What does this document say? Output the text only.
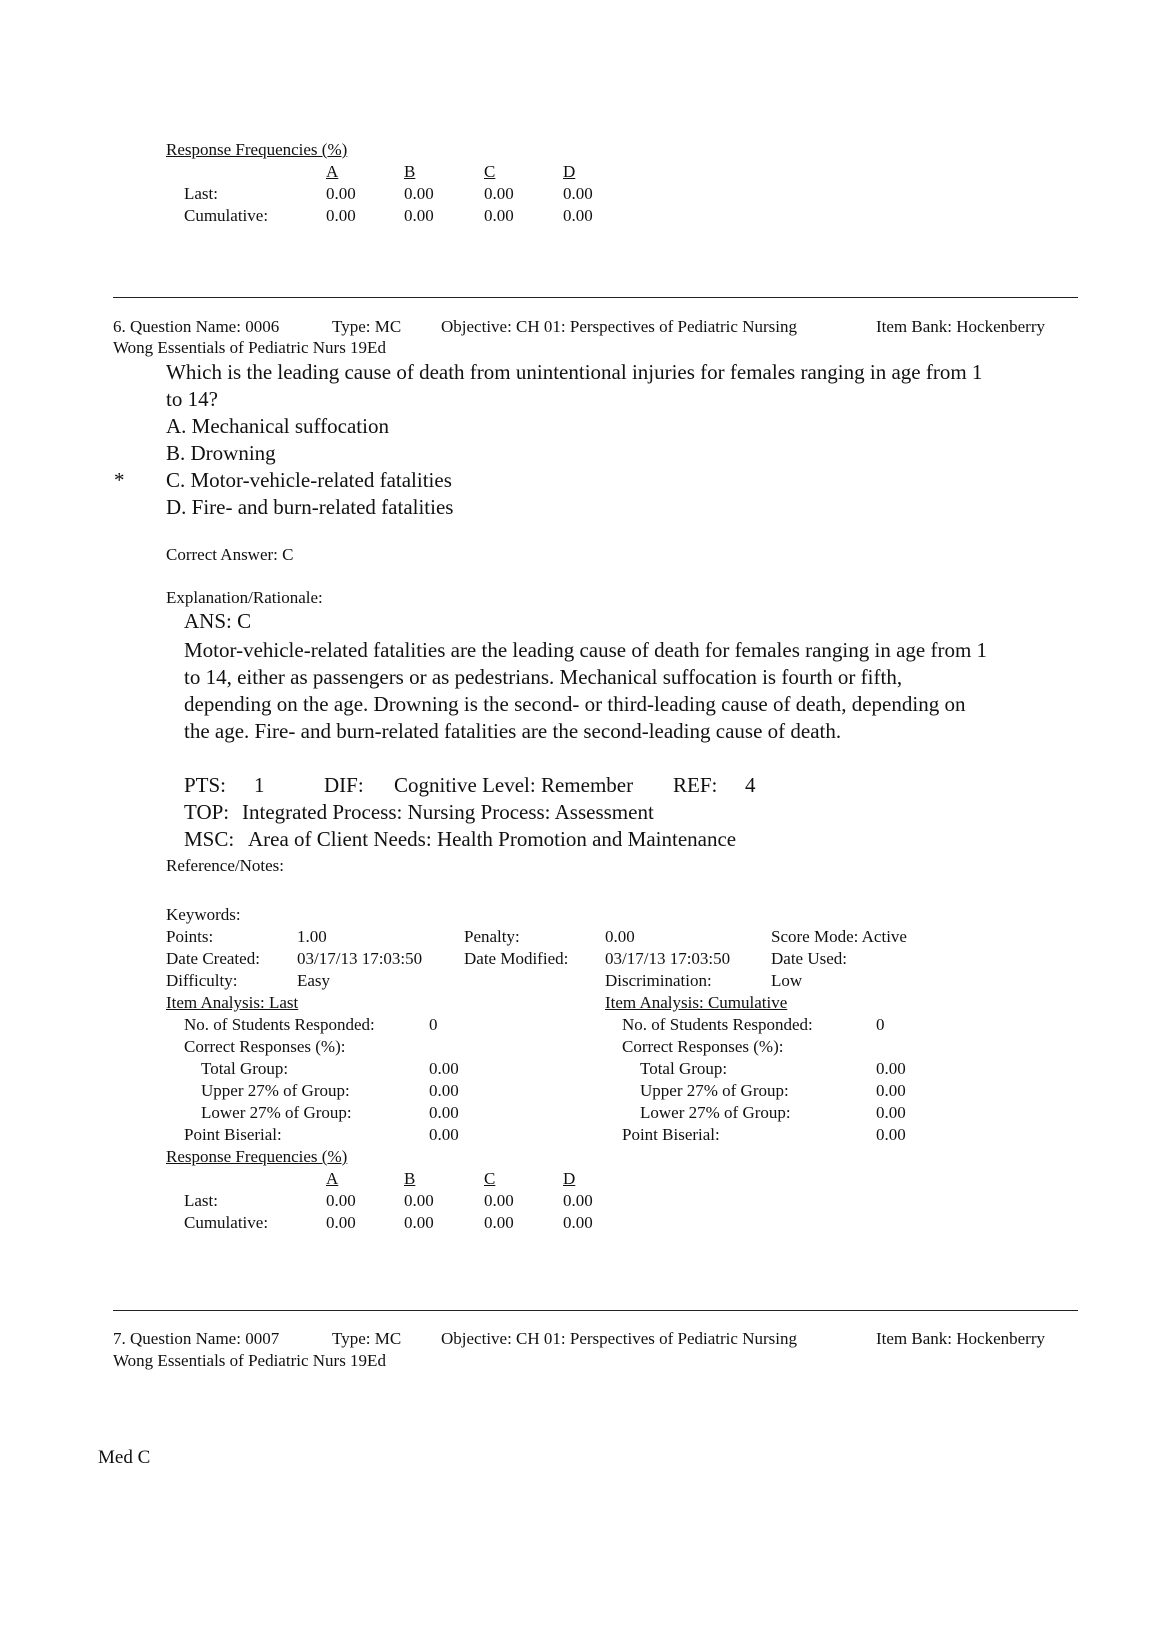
Response Frequencies (%)
A	B	C	D
Last:	0.00	0.00	0.00	0.00
Cumulative:	0.00	0.00	0.00	0.00
6. Question Name: 0006	Type: MC Objective: CH 01: Perspectives of Pediatric Nursing	Item Bank: Hockenberry
Wong Essentials of Pediatric Nurs 19Ed
Which is the leading cause of death from unintentional injuries for females ranging in age from 1
to 14?
A. Mechanical suffocation
B. Drowning
* C. Motor-vehicle-related fatalities
D. Fire- and burn-related fatalities
Correct Answer: C
Explanation/Rationale:
ANS: C
Motor-vehicle-related fatalities are the leading cause of death for females ranging in age from 1
to 14, either as passengers or as pedestrians. Mechanical suffocation is fourth or fifth,
depending on the age. Drowning is the second- or third-leading cause of death, depending on
the age. Fire- and burn-related fatalities are the second-leading cause of death.
PTS: 1	DIF: Cognitive Level: Remember REF: 4
TOP: Integrated Process: Nursing Process: Assessment
MSC: Area of Client Needs: Health Promotion and Maintenance
Reference/Notes:
Keywords:
Points:	1.00	Penalty:	0.00	Score Mode: Active
Date Created: 03/17/13 17:03:50 Date Modified: 03/17/13 17:03:50 Date Used:
Difficulty:	Easy	Discrimination:	Low
Item Analysis: Last
No. of Students Responded:	0
Correct Responses (%):
Total Group:	0.00
Upper 27% of Group:	0.00
Lower 27% of Group:	0.00
Point Biserial:	0.00
Item Analysis: Cumulative
No. of Students Responded:	0
Correct Responses (%):
Total Group:	0.00
Upper 27% of Group:	0.00
Lower 27% of Group:	0.00
Point Biserial:	0.00
Response Frequencies (%)
A	B	C	D
Last:	0.00	0.00	0.00	0.00
Cumulative:	0.00	0.00	0.00	0.00
7. Question Name: 0007	Type: MC Objective: CH 01: Perspectives of Pediatric Nursing	Item Bank: Hockenberry
Wong Essentials of Pediatric Nurs 19Ed
Med C
